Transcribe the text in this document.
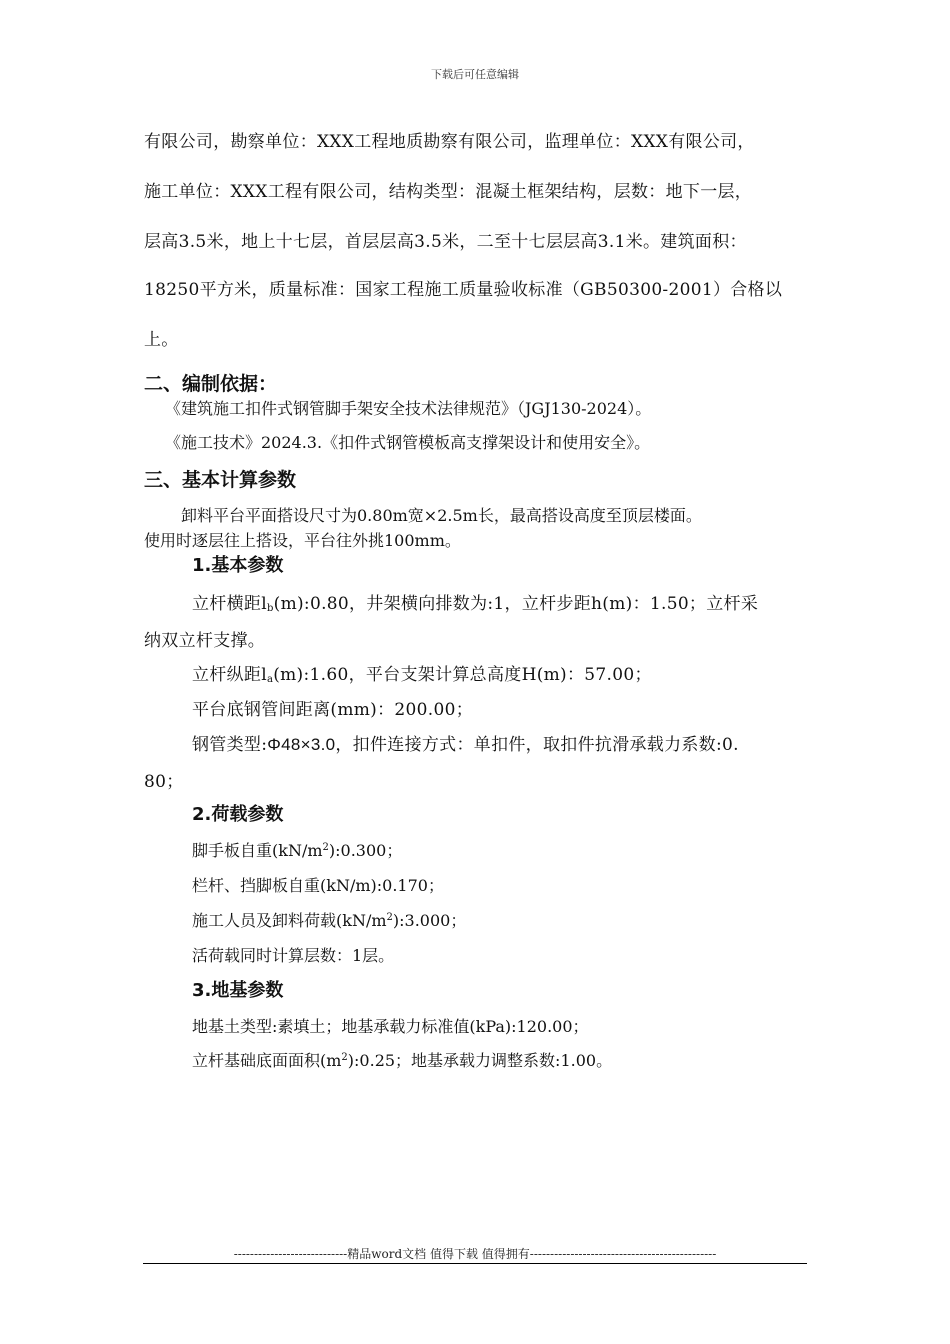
下载后可任意编辑
有限公司，勘察单位：XXX工程地质勘察有限公司，监理单位：XXX有限公司，
施工单位：XXX工程有限公司，结构类型：混凝土框架结构，层数：地下一层，
层高3.5米，地上十七层，首层层高3.5米，二至十七层层高3.1米。建筑面积：
18250平方米，质量标准：国家工程施工质量验收标准（GB50300-2001）合格以
上。
二、编制依据：
《建筑施工扣件式钢管脚手架安全技术法律规范》（JGJ130-2024）。
《施工技术》2024.3.《扣件式钢管模板高支撑架设计和使用安全》。
三、基本计算参数
卸料平台平面搭设尺寸为0.80m宽×2.5m长，最高搭设高度至顶层楼面。
使用时逐层往上搭设，平台往外挑100mm。
1.基本参数
立杆横距$l_b(m):0.80$，井架横向排数为:1，立杆步距h(m)：1.50；立杆采
纳双立杆支撑。
立杆纵距$l_a(m):1.60$，平台支架计算总高度H(m)：57.00；
平台底钢管间距离(mm)：200.00；
钢管类型:Φ48×3.0，扣件连接方式：单扣件，取扣件抗滑承载力系数:0.
80；
2.荷载参数
脚手板自重$(kN/m^2):0.300$；
栏杆、挡脚板自重(kN/m):0.170；
施工人员及卸料荷载$(kN/m^2):3.000$；
活荷载同时计算层数：1层。
3.地基参数
地基土类型:素填土；地基承载力标准值(kPa):120.00；
立杆基础底面面积$(m^2):0.25$；地基承载力调整系数:1.00。
----------------------------精品word文档 值得下载 值得拥有----------------------------------------------
